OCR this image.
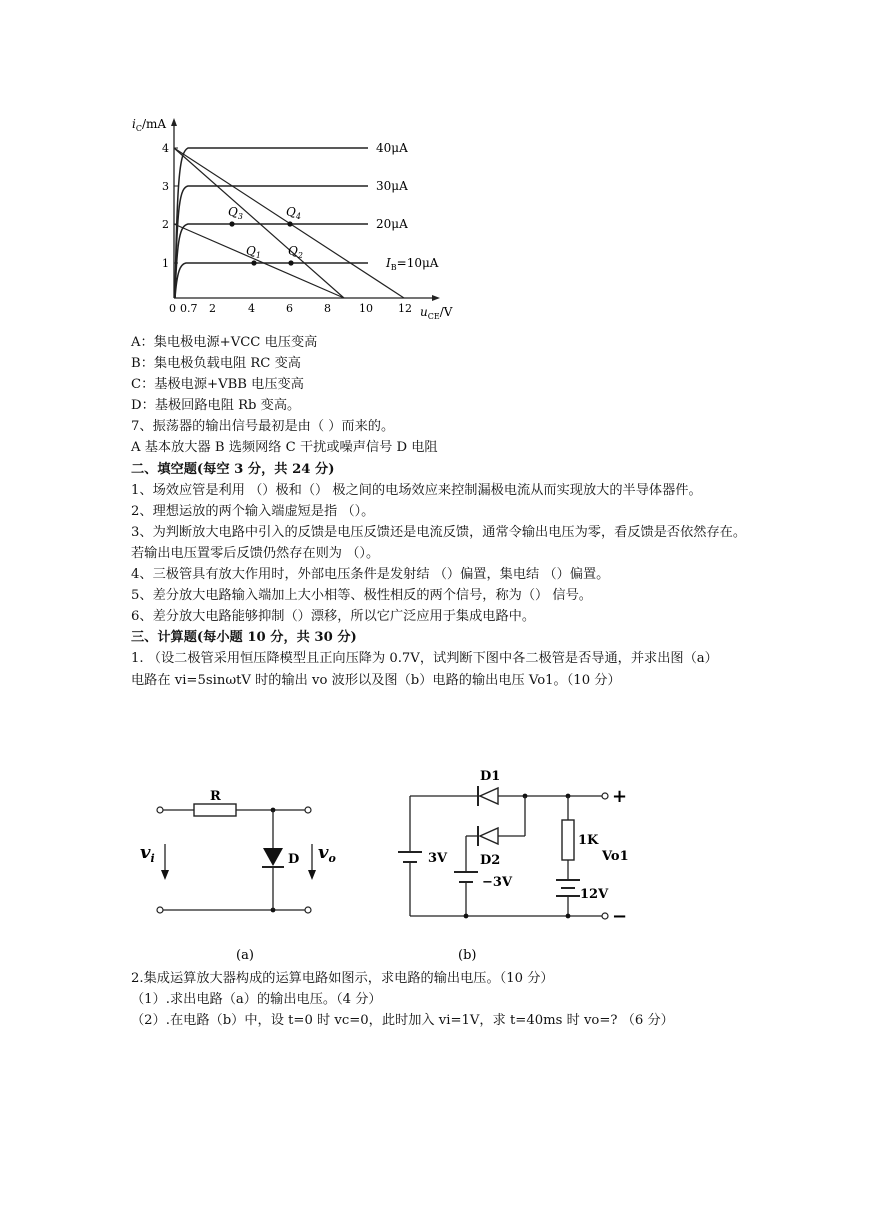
$i_C/mA$
4
3
2
1
0 0.7 2	4	6	8	10 12 $u_{CE}/V$
40μA
30μA
20μA
$I_B=10\mu A$
$Q_3$	$Q_4$
$Q_1$ $Q_2$
A：集电极电源+VCC 电压变高
B：集电极负载电阻 RC 变高
C：基极电源+VBB 电压变高
D：基极回路电阻 Rb 变高。
7、振荡器的输出信号最初是由（ ）而来的。
A 基本放大器 B 选频网络 C 干扰或噪声信号 D 电阻
二、填空题(每空 3 分，共 24 分)
1、场效应管是利用 （）极和（） 极之间的电场效应来控制漏极电流从而实现放大的半导体器件。
2、理想运放的两个输入端虚短是指 （）。
3、为判断放大电路中引入的反馈是电压反馈还是电流反馈，通常令输出电压为零，看反馈是否依然存在。若输出电压置零后反馈仍然存在则为 （）。
4、三极管具有放大作用时，外部电压条件是发射结 （）偏置，集电结 （）偏置。
5、差分放大电路输入端加上大小相等、极性相反的两个信号，称为（） 信号。
6、差分放大电路能够抑制（）漂移，所以它广泛应用于集成电路中。
三、计算题(每小题 10 分，共 30 分)
1. （设二极管采用恒压降模型且正向压降为 0.7V，试判断下图中各二极管是否导通，并求出图（a）
电路在 vi=5sinωtV 时的输出 vo 波形以及图（b）电路的输出电压 Vo1。（10 分）
R
D
$v_i$	$v_o$
(a)
3V
D1
D2
−3V
1K
12V
+
−
Vo1
(b)
2.集成运算放大器构成的运算电路如图示，求电路的输出电压。（10 分）
（1）.求出电路（a）的输出电压。（4 分）
（2）.在电路（b）中，设 t=0 时 vc=0，此时加入 vi=1V，求 t=40ms 时 vo=? （6 分）
